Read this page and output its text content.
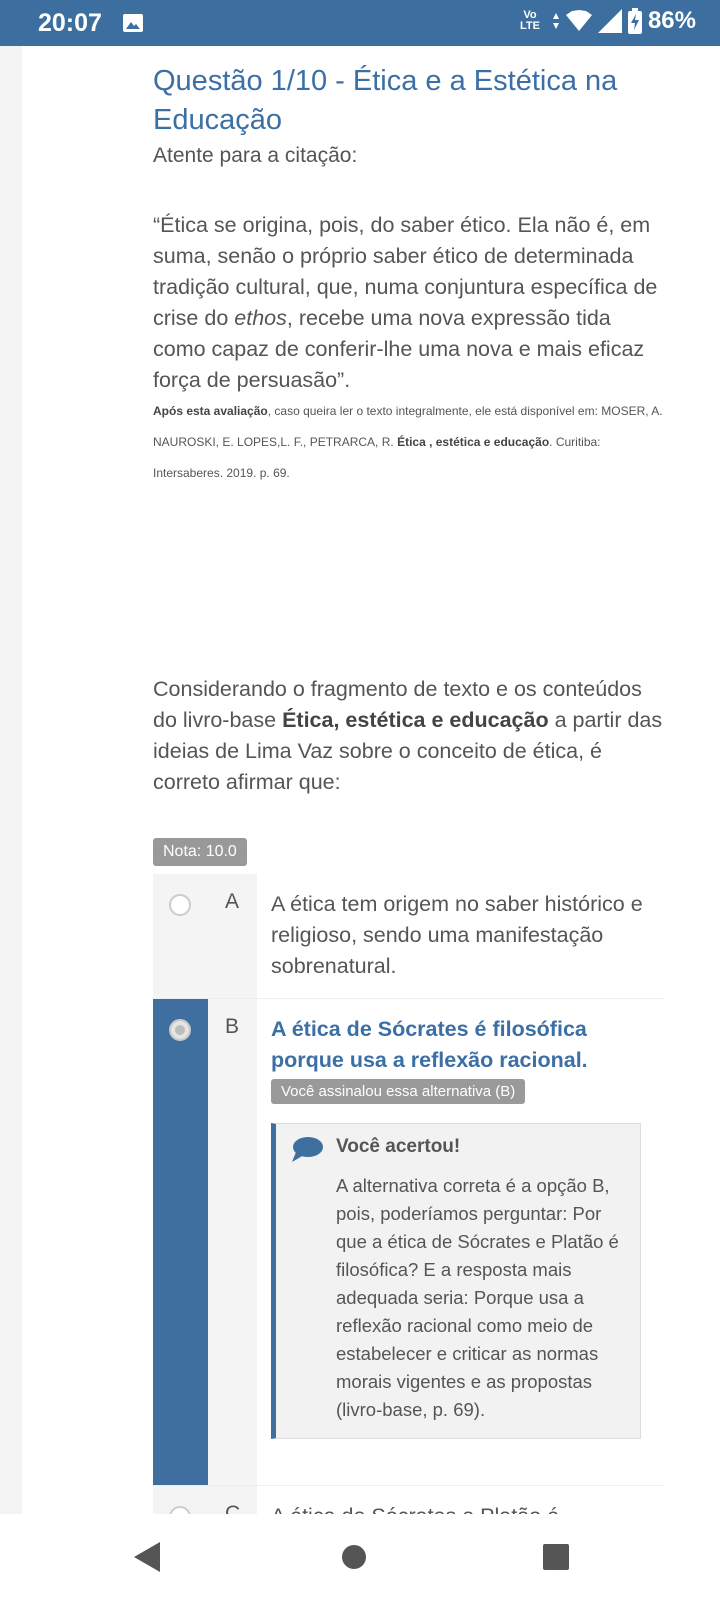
20:07	Vo
LTE	86%
Questão 1/10 - Ética e a Estética na Educação
Atente para a citação:
“Ética se origina, pois, do saber ético. Ela não é, em suma, senão o próprio saber ético de determinada tradição cultural, que, numa conjuntura específica de crise do ethos, recebe uma nova expressão tida como capaz de conferir-lhe uma nova e mais eficaz força de persuasão”.
Após esta avaliação, caso queira ler o texto integralmente, ele está disponível em: MOSER, A. NAUROSKI, E. LOPES,L. F., PETRARCA, R. Ética , estética e educação. Curitiba: Intersaberes. 2019. p. 69.
Considerando o fragmento de texto e os conteúdos do livro-base Ética, estética e educação a partir das ideias de Lima Vaz sobre o conceito de ética, é correto afirmar que:
Nota: 10.0
A A ética tem origem no saber histórico e religioso, sendo uma manifestação sobrenatural.
B A ética de Sócrates é filosófica porque usa a reflexão racional.
Você assinalou essa alternativa (B)
Você acertou!
A alternativa correta é a opção B, pois, poderíamos perguntar: Por que a ética de Sócrates e Platão é filosófica? E a resposta mais adequada seria: Porque usa a reflexão racional como meio de estabelecer e criticar as normas morais vigentes e as propostas (livro-base, p. 69).
